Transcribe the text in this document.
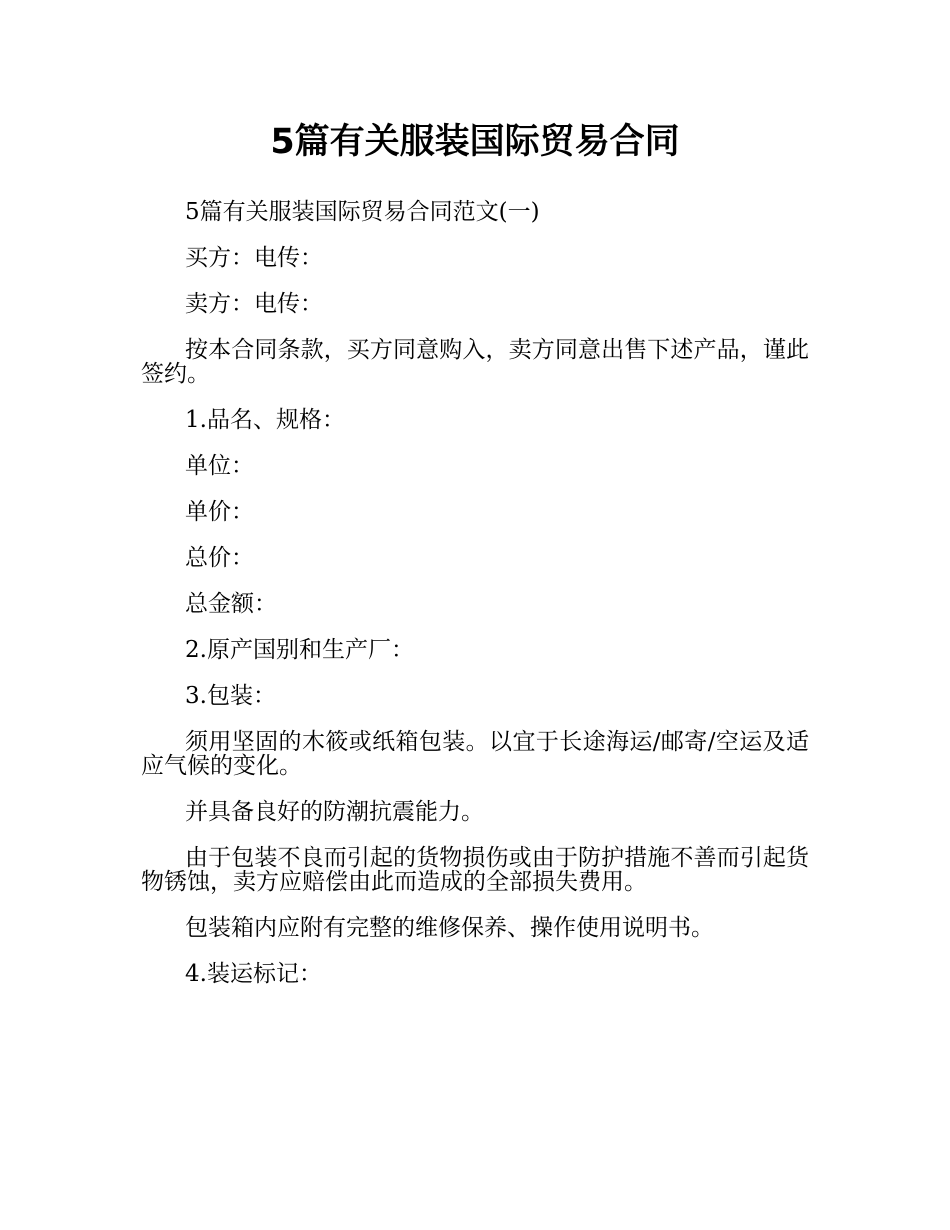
5篇有关服装国际贸易合同

5篇有关服装国际贸易合同范文(一)

买方：电传：

卖方：电传：

按本合同条款，买方同意购入，卖方同意出售下述产品，谨此签约。

1.品名、规格：

单位：

单价：

总价：

总金额：

2.原产国别和生产厂：

3.包装：

须用坚固的木筱或纸箱包装。以宜于长途海运/邮寄/空运及适应气候的变化。

并具备良好的防潮抗震能力。

由于包装不良而引起的货物损伤或由于防护措施不善而引起货物锈蚀，卖方应赔偿由此而造成的全部损失费用。

包装箱内应附有完整的维修保养、操作使用说明书。

4.装运标记：
